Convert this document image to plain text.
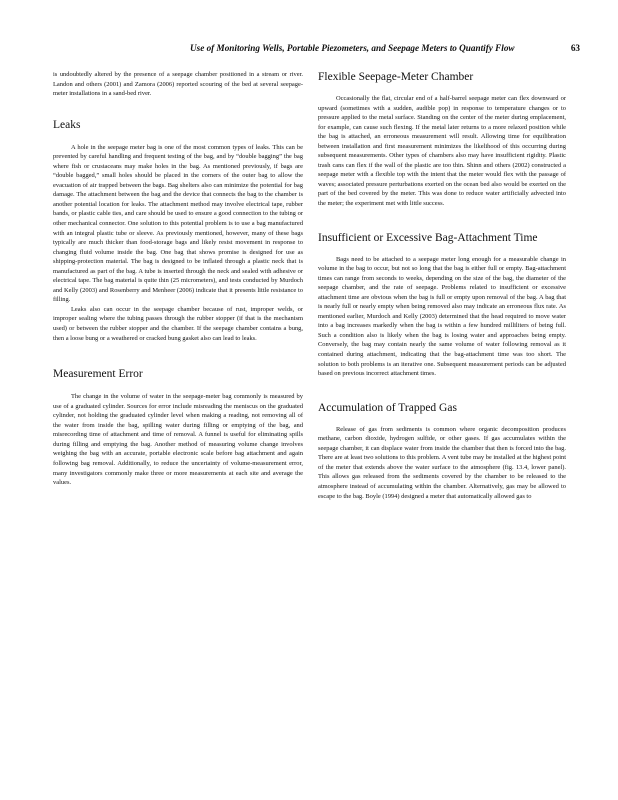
Use of Monitoring Wells, Portable Piezometers, and Seepage Meters to Quantify Flow	63

is undoubtedly altered by the presence of a seepage chamber positioned in a stream or river. Landon and others (2001) and Zamora (2006) reported scouring of the bed at several seepage-meter installations in a sand-bed river.

Leaks

A hole in the seepage meter bag is one of the most common types of leaks. This can be prevented by careful handling and frequent testing of the bag, and by “double bagging” the bag where fish or crustaceans may make holes in the bag. As mentioned previously, if bags are “double bagged,” small holes should be placed in the corners of the outer bag to allow the evacuation of air trapped between the bags. Bag shelters also can minimize the potential for bag damage. The attachment between the bag and the device that connects the bag to the chamber is another potential location for leaks. The attachment method may involve electrical tape, rubber bands, or plastic cable ties, and care should be used to ensure a good connection to the tubing or other mechanical connector. One solution to this potential problem is to use a bag manufactured with an integral plastic tube or sleeve. As previously mentioned, however, many of these bags typically are much thicker than food-storage bags and likely resist movement in response to changing fluid volume inside the bag. One bag that shows promise is designed for use as shipping-protection material. The bag is designed to be inflated through a plastic neck that is manufactured as part of the bag. A tube is inserted through the neck and sealed with adhesive or electrical tape. The bag material is quite thin (25 micrometers), and tests conducted by Murdoch and Kelly (2003) and Rosenberry and Menheer (2006) indicate that it presents little resistance to filling.

Leaks also can occur in the seepage chamber because of rust, improper welds, or improper sealing where the tubing passes through the rubber stopper (if that is the mechanism used) or between the rubber stopper and the chamber. If the seepage chamber contains a bung, then a loose bung or a weathered or cracked bung gasket also can lead to leaks.

Measurement Error

The change in the volume of water in the seepage-meter bag commonly is measured by use of a graduated cylinder. Sources for error include misreading the meniscus on the graduated cylinder, not holding the graduated cylinder level when making a reading, not removing all of the water from inside the bag, spilling water during filling or emptying of the bag, and misrecording time of attachment and time of removal. A funnel is useful for eliminating spills during filling and emptying the bag. Another method of measuring volume change involves weighing the bag with an accurate, portable electronic scale before bag attachment and again following bag removal. Additionally, to reduce the uncertainty of volume-measurement error, many investigators commonly make three or more measurements at each site and average the values.

Flexible Seepage-Meter Chamber

Occasionally the flat, circular end of a half-barrel seepage meter can flex downward or upward (sometimes with a sudden, audible pop) in response to temperature changes or to pressure applied to the metal surface. Standing on the center of the meter during emplacement, for example, can cause such flexing. If the metal later returns to a more relaxed position while the bag is attached, an erroneous measurement will result. Allowing time for equilibration between installation and first measurement minimizes the likelihood of this occurring during subsequent measurements. Other types of chambers also may have insufficient rigidity. Plastic trash cans can flex if the wall of the plastic are too thin. Shinn and others (2002) constructed a seepage meter with a flexible top with the intent that the meter would flex with the passage of waves; associated pressure perturbations exerted on the ocean bed also would be exerted on the part of the bed covered by the meter. This was done to reduce water artificially advected into the meter; the experiment met with little success.

Insufficient or Excessive Bag-Attachment Time

Bags need to be attached to a seepage meter long enough for a measurable change in volume in the bag to occur, but not so long that the bag is either full or empty. Bag-attachment times can range from seconds to weeks, depending on the size of the bag, the diameter of the seepage chamber, and the rate of seepage. Problems related to insufficient or excessive attachment time are obvious when the bag is full or empty upon removal of the bag. A bag that is nearly full or nearly empty when being removed also may indicate an erroneous flux rate. As mentioned earlier, Murdoch and Kelly (2003) determined that the head required to move water into a bag increases markedly when the bag is within a few hundred milliliters of being full. Such a condition also is likely when the bag is losing water and approaches being empty. Conversely, the bag may contain nearly the same volume of water following removal as it contained during attachment, indicating that the bag-attachment time was too short. The solution to both problems is an iterative one. Subsequent measurement periods can be adjusted based on previous incorrect attachment times.

Accumulation of Trapped Gas

Release of gas from sediments is common where organic decomposition produces methane, carbon dioxide, hydrogen sulfide, or other gases. If gas accumulates within the seepage chamber, it can displace water from inside the chamber that then is forced into the bag. There are at least two solutions to this problem. A vent tube may be installed at the highest point of the meter that extends above the water surface to the atmosphere (fig. 13.4, lower panel). This allows gas released from the sediments covered by the chamber to be released to the atmosphere instead of accumulating within the chamber. Alternatively, gas may be allowed to escape to the bag. Boyle (1994) designed a meter that automatically allowed gas to
